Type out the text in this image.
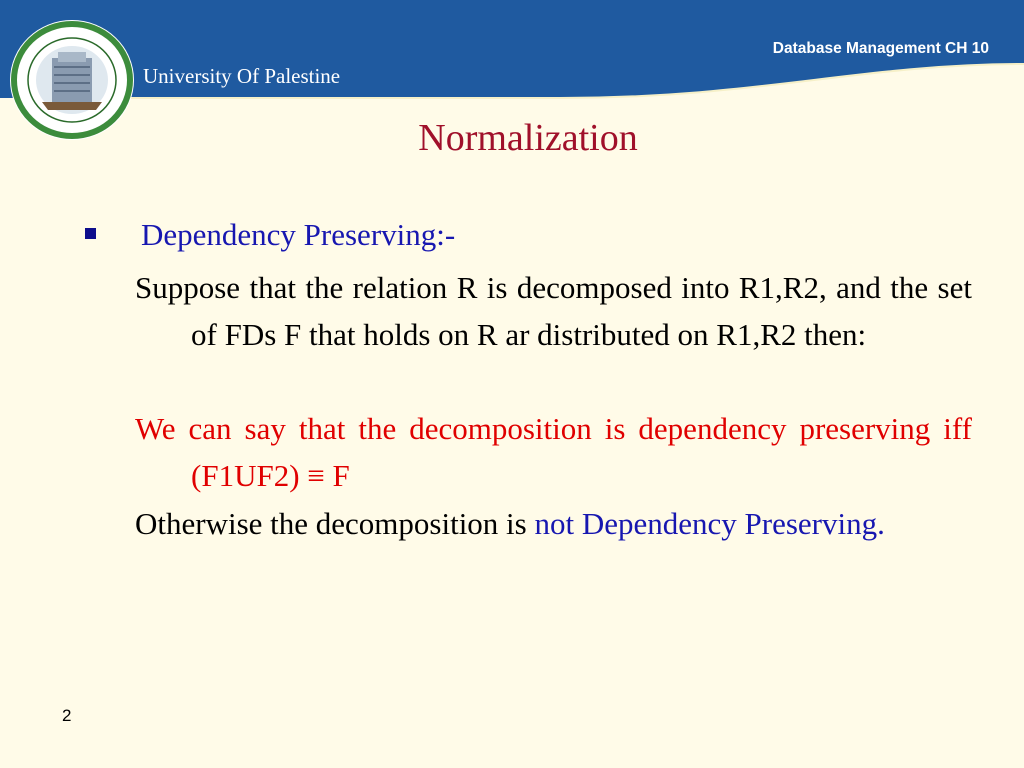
Database Management CH 10
University Of Palestine
Normalization
Dependency Preserving:-

Suppose that the relation R is decomposed into R1,R2, and the set of FDs F that holds on R ar distributed on R1,R2 then:

We can say that the decomposition is dependency preserving iff (F1UF2) ≡ F

Otherwise the decomposition is not Dependency Preserving.

2
